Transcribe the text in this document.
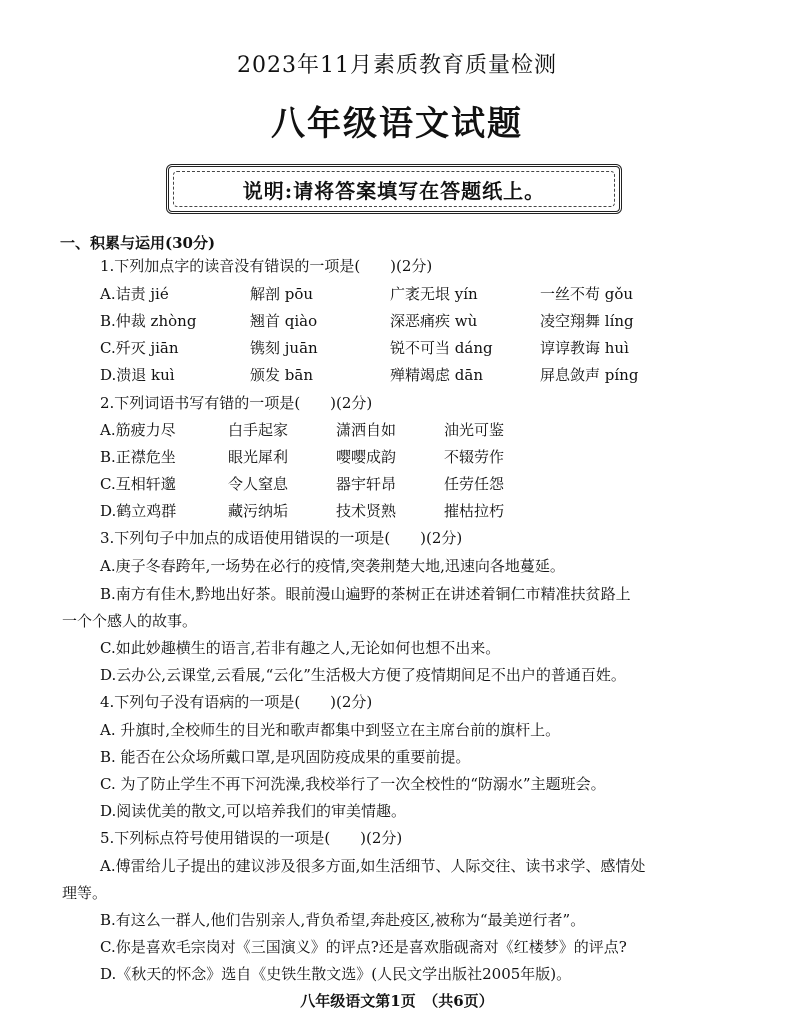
2023年11月素质教育质量检测
八年级语文试题
说明:请将答案填写在答题纸上。
一、积累与运用(30分)
1.下列加点字的读音没有错误的一项是(　　)(2分)
A.诘责 jié	解剖 pōu	广袤无垠 yín	一丝不苟 gǒu
B.仲裁 zhòng	翘首 qiào	深恶痛疾 wù	凌空翔舞 líng
C.歼灭 jiān	镌刻 juān	锐不可当 dáng	谆谆教诲 huì
D.溃退 kuì	颁发 bān	殚精竭虑 dān	屏息敛声 píng
2.下列词语书写有错的一项是(　　)(2分)
A.筋疲力尽	白手起家	潇洒自如	油光可鉴
B.正襟危坐	眼光犀利	嘤嘤成韵	不辍劳作
C.互相轩邈	令人窒息	器宇轩昂	任劳任怨
D.鹤立鸡群	藏污纳垢	技术贤熟	摧枯拉朽
3.下列句子中加点的成语使用错误的一项是(　　)(2分)
A.庚子冬春跨年,一场势在必行的疫情,突袭荆楚大地,迅速向各地蔓延。
B.南方有佳木,黔地出好茶。眼前漫山遍野的茶树正在讲述着铜仁市精准扶贫路上
一个个感人的故事。
C.如此妙趣横生的语言,若非有趣之人,无论如何也想不出来。
D.云办公,云课堂,云看展,“云化”生活极大方便了疫情期间足不出户的普通百姓。
4.下列句子没有语病的一项是(　　)(2分)
A. 升旗时,全校师生的目光和歌声都集中到竖立在主席台前的旗杆上。
B. 能否在公众场所戴口罩,是巩固防疫成果的重要前提。
C. 为了防止学生不再下河洗澡,我校举行了一次全校性的“防溺水”主题班会。
D.阅读优美的散文,可以培养我们的审美情趣。
5.下列标点符号使用错误的一项是(　　)(2分)
A.傅雷给儿子提出的建议涉及很多方面,如生活细节、人际交往、读书求学、感情处
理等。
B.有这么一群人,他们告别亲人,背负希望,奔赴疫区,被称为“最美逆行者”。
C.你是喜欢毛宗岗对《三国演义》的评点?还是喜欢脂砚斋对《红楼梦》的评点?
D.《秋天的怀念》选自《史铁生散文选》(人民文学出版社2005年版)。
八年级语文第1页　（共6页）
